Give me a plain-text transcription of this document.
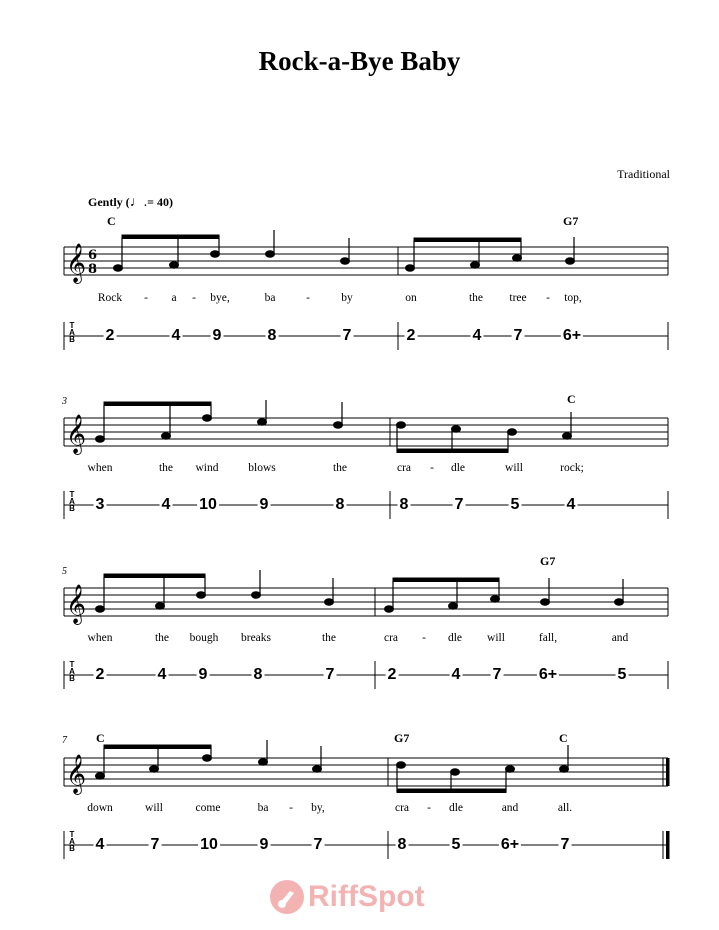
Rock-a-Bye Baby
Traditional
Gently (♩.= 40)
𝄞 6
8
C	G7
Rock - a - bye,	ba	-	by	on	the tree - top,
T
A
B 2	4 9	8	7	2	4 7	6+
𝄞
3	C
when	the wind	blows	the	cra - dle	will	rock;
T
A
B 3	4 10	9	8	8	7	5	4
𝄞
5
G7
when	the bough breaks	the	cra - dle will	fall,	and
T
A
B 2	4 9	8	7	2	4 7 6+	5
𝄞
7 C	G7	C
down	will	come	ba - by,	cra - dle	and	all.
T
A
B 4	7	10	9	7	8	5	6+	7
RiffSpot
